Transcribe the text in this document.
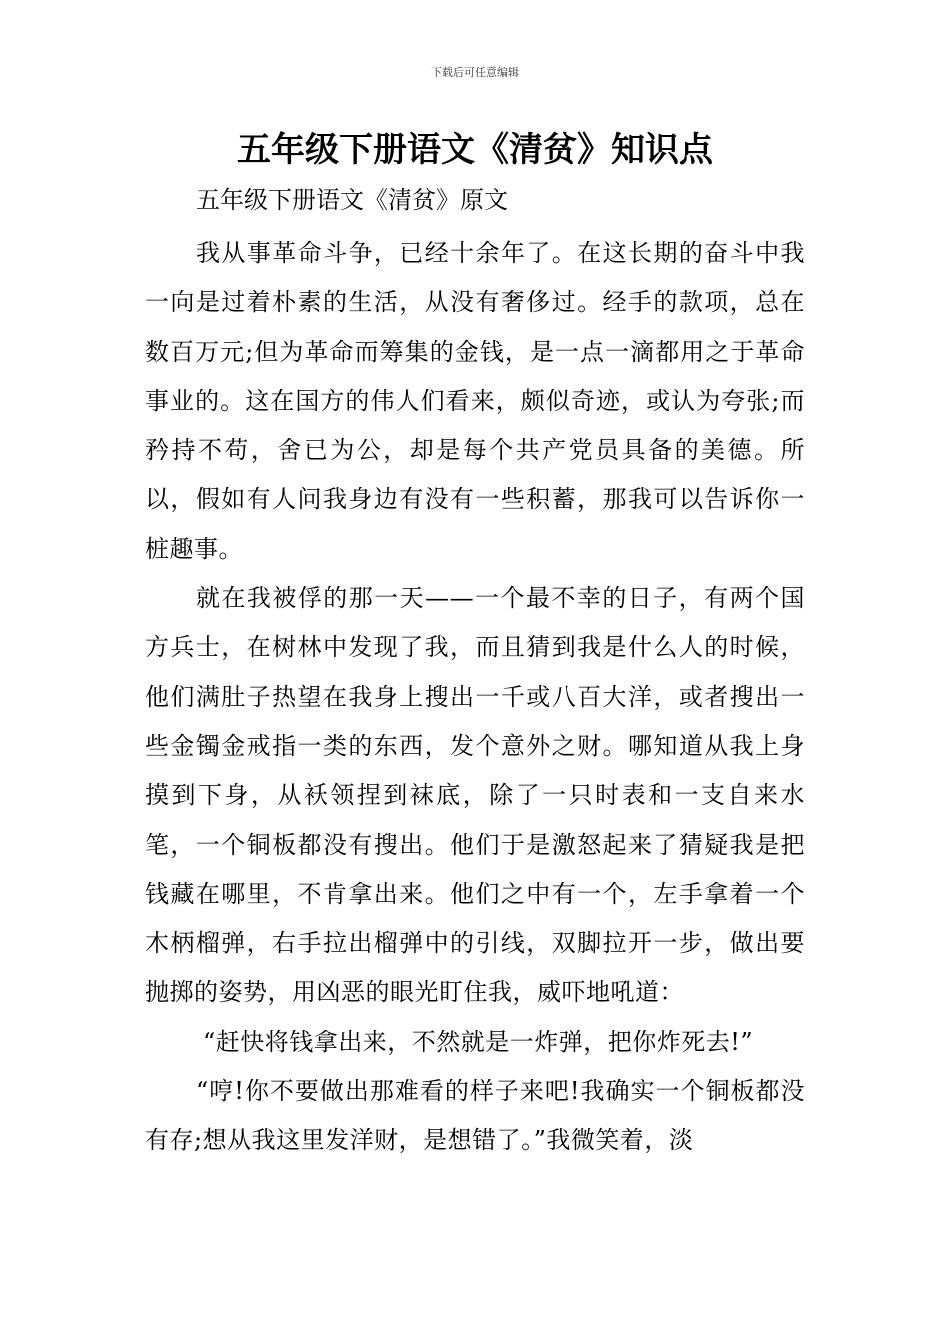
下载后可任意编辑
五年级下册语文《清贫》知识点

五年级下册语文《清贫》原文

我从事革命斗争，已经十余年了。在这长期的奋斗中我一向是过着朴素的生活，从没有奢侈过。经手的款项，总在数百万元;但为革命而筹集的金钱，是一点一滴都用之于革命事业的。这在国方的伟人们看来，颇似奇迹，或认为夸张;而矜持不苟，舍已为公，却是每个共产党员具备的美德。所以，假如有人问我身边有没有一些积蓄，那我可以告诉你一桩趣事。

就在我被俘的那一天——一个最不幸的日子，有两个国方兵士，在树林中发现了我，而且猜到我是什么人的时候，他们满肚子热望在我身上搜出一千或八百大洋，或者搜出一些金镯金戒指一类的东西，发个意外之财。哪知道从我上身摸到下身，从袄领捏到袜底，除了一只时表和一支自来水笔，一个铜板都没有搜出。他们于是激怒起来了猜疑我是把钱藏在哪里，不肯拿出来。他们之中有一个，左手拿着一个木柄榴弹，右手拉出榴弹中的引线，双脚拉开一步，做出要抛掷的姿势，用凶恶的眼光盯住我，威吓地吼道：

“赶快将钱拿出来，不然就是一炸弹，把你炸死去!”

“哼!你不要做出那难看的样子来吧!我确实一个铜板都没有存;想从我这里发洋财，是想错了。”我微笑着，淡
